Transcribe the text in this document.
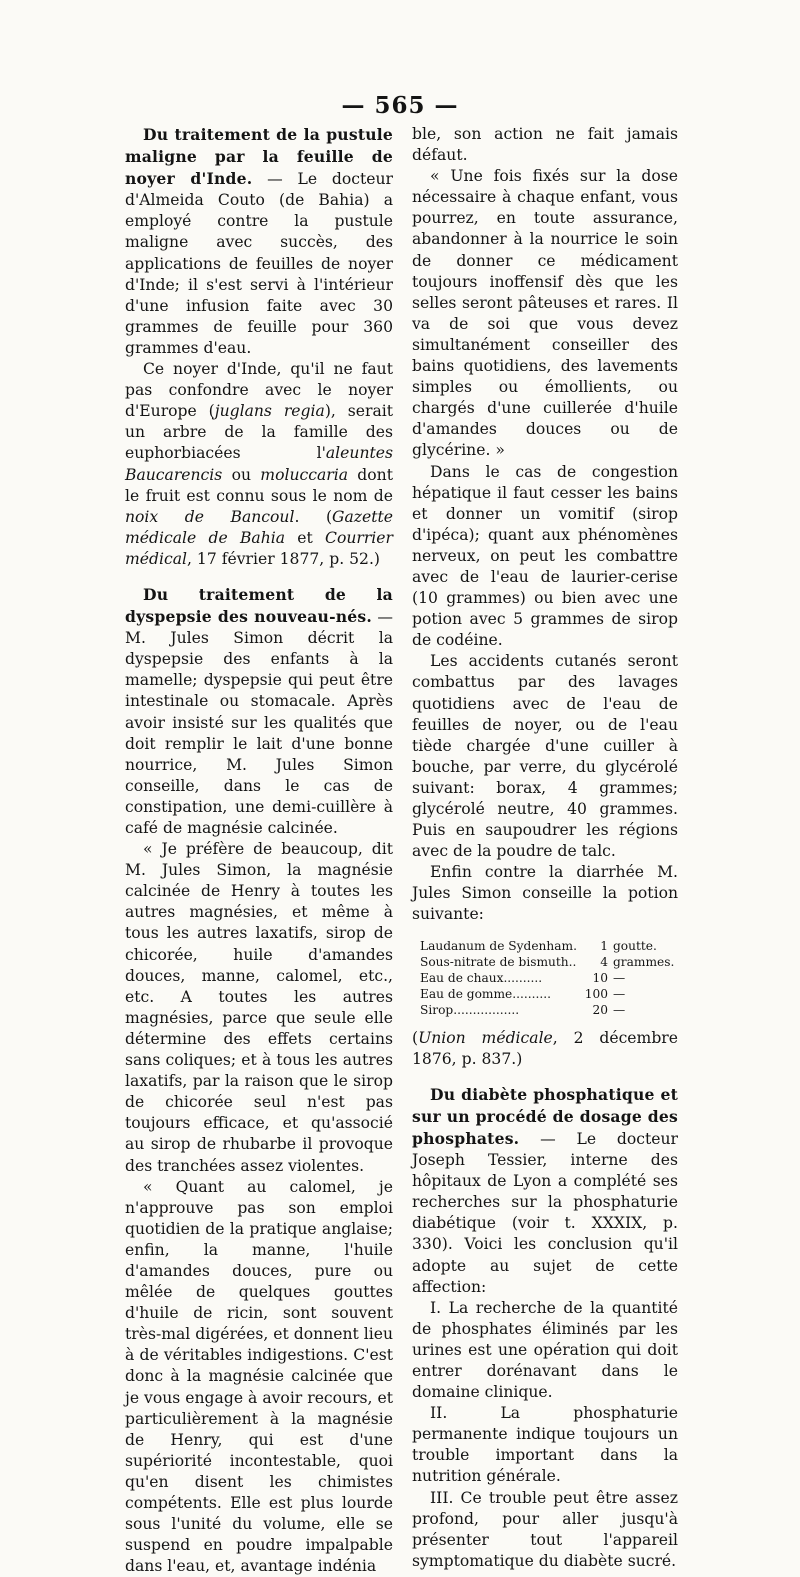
— 565 —

Du traitement de la pustule maligne par la feuille de noyer d'Inde. — Le docteur d'Almeida Couto (de Bahia) a employé contre la pustule maligne avec succès, des applications de feuilles de noyer d'Inde; il s'est servi à l'intérieur d'une infusion faite avec 30 grammes de feuille pour 360 grammes d'eau.

Ce noyer d'Inde, qu'il ne faut pas confondre avec le noyer d'Europe (juglans regia), serait un arbre de la famille des euphorbiacées l'aleuntes Baucarencis ou moluccaria dont le fruit est connu sous le nom de noix de Bancoul. (Gazette médicale de Bahia et Courrier médical, 17 février 1877, p. 52.)

Du traitement de la dyspepsie des nouveau-nés. — M. Jules Simon décrit la dyspepsie des enfants à la mamelle; dyspepsie qui peut être intestinale ou stomacale. Après avoir insisté sur les qualités que doit remplir le lait d'une bonne nourrice, M. Jules Simon conseille, dans le cas de constipation, une demi-cuillère à café de magnésie calcinée.

« Je préfère de beaucoup, dit M. Jules Simon, la magnésie calcinée de Henry à toutes les autres magnésies, et même à tous les autres laxatifs, sirop de chicorée, huile d'amandes douces, manne, calomel, etc., etc. A toutes les autres magnésies, parce que seule elle détermine des effets certains sans coliques; et à tous les autres laxatifs, par la raison que le sirop de chicorée seul n'est pas toujours efficace, et qu'associé au sirop de rhubarbe il provoque des tranchées assez violentes.

« Quant au calomel, je n'approuve pas son emploi quotidien de la pratique anglaise; enfin, la manne, l'huile d'amandes douces, pure ou mêlée de quelques gouttes d'huile de ricin, sont souvent très-mal digérées, et donnent lieu à de véritables indigestions. C'est donc à la magnésie calcinée que je vous engage à avoir recours, et particulièrement à la magnésie de Henry, qui est d'une supériorité incontestable, quoi qu'en disent les chimistes compétents. Elle est plus lourde sous l'unité du volume, elle se suspend en poudre impalpable dans l'eau, et, avantage indénia

ble, son action ne fait jamais défaut.

« Une fois fixés sur la dose nécessaire à chaque enfant, vous pourrez, en toute assurance, abandonner à la nourrice le soin de donner ce médicament toujours inoffensif dès que les selles seront pâteuses et rares. Il va de soi que vous devez simultanément conseiller des bains quotidiens, des lavements simples ou émollients, ou chargés d'une cuillerée d'huile d'amandes douces ou de glycérine. »

Dans le cas de congestion hépatique il faut cesser les bains et donner un vomitif (sirop d'ipéca); quant aux phénomènes nerveux, on peut les combattre avec de l'eau de laurier-cerise (10 grammes) ou bien avec une potion avec 5 grammes de sirop de codéine.

Les accidents cutanés seront combattus par des lavages quotidiens avec de l'eau de feuilles de noyer, ou de l'eau tiède chargée d'une cuiller à bouche, par verre, du glycérolé suivant: borax, 4 grammes; glycérolé neutre, 40 grammes. Puis en saupoudrer les régions avec de la poudre de talc.

Enfin contre la diarrhée M. Jules Simon conseille la potion suivante:

Laudanum de Sydenham.	1	goutte.
Sous-nitrate de bismuth..	4	grammes.
Eau de chaux..........	10	—
Eau de gomme..........	100	—
Sirop.................	20	—

(Union médicale, 2 décembre 1876, p. 837.)

Du diabète phosphatique et sur un procédé de dosage des phosphates. — Le docteur Joseph Tessier, interne des hôpitaux de Lyon a complété ses recherches sur la phosphaturie diabétique (voir t. XXXIX, p. 330). Voici les conclusion qu'il adopte au sujet de cette affection:

I. La recherche de la quantité de phosphates éliminés par les urines est une opération qui doit entrer dorénavant dans le domaine clinique.

II. La phosphaturie permanente indique toujours un trouble important dans la nutrition générale.

III. Ce trouble peut être assez profond, pour aller jusqu'à présenter tout l'appareil symptomatique du diabète sucré.
